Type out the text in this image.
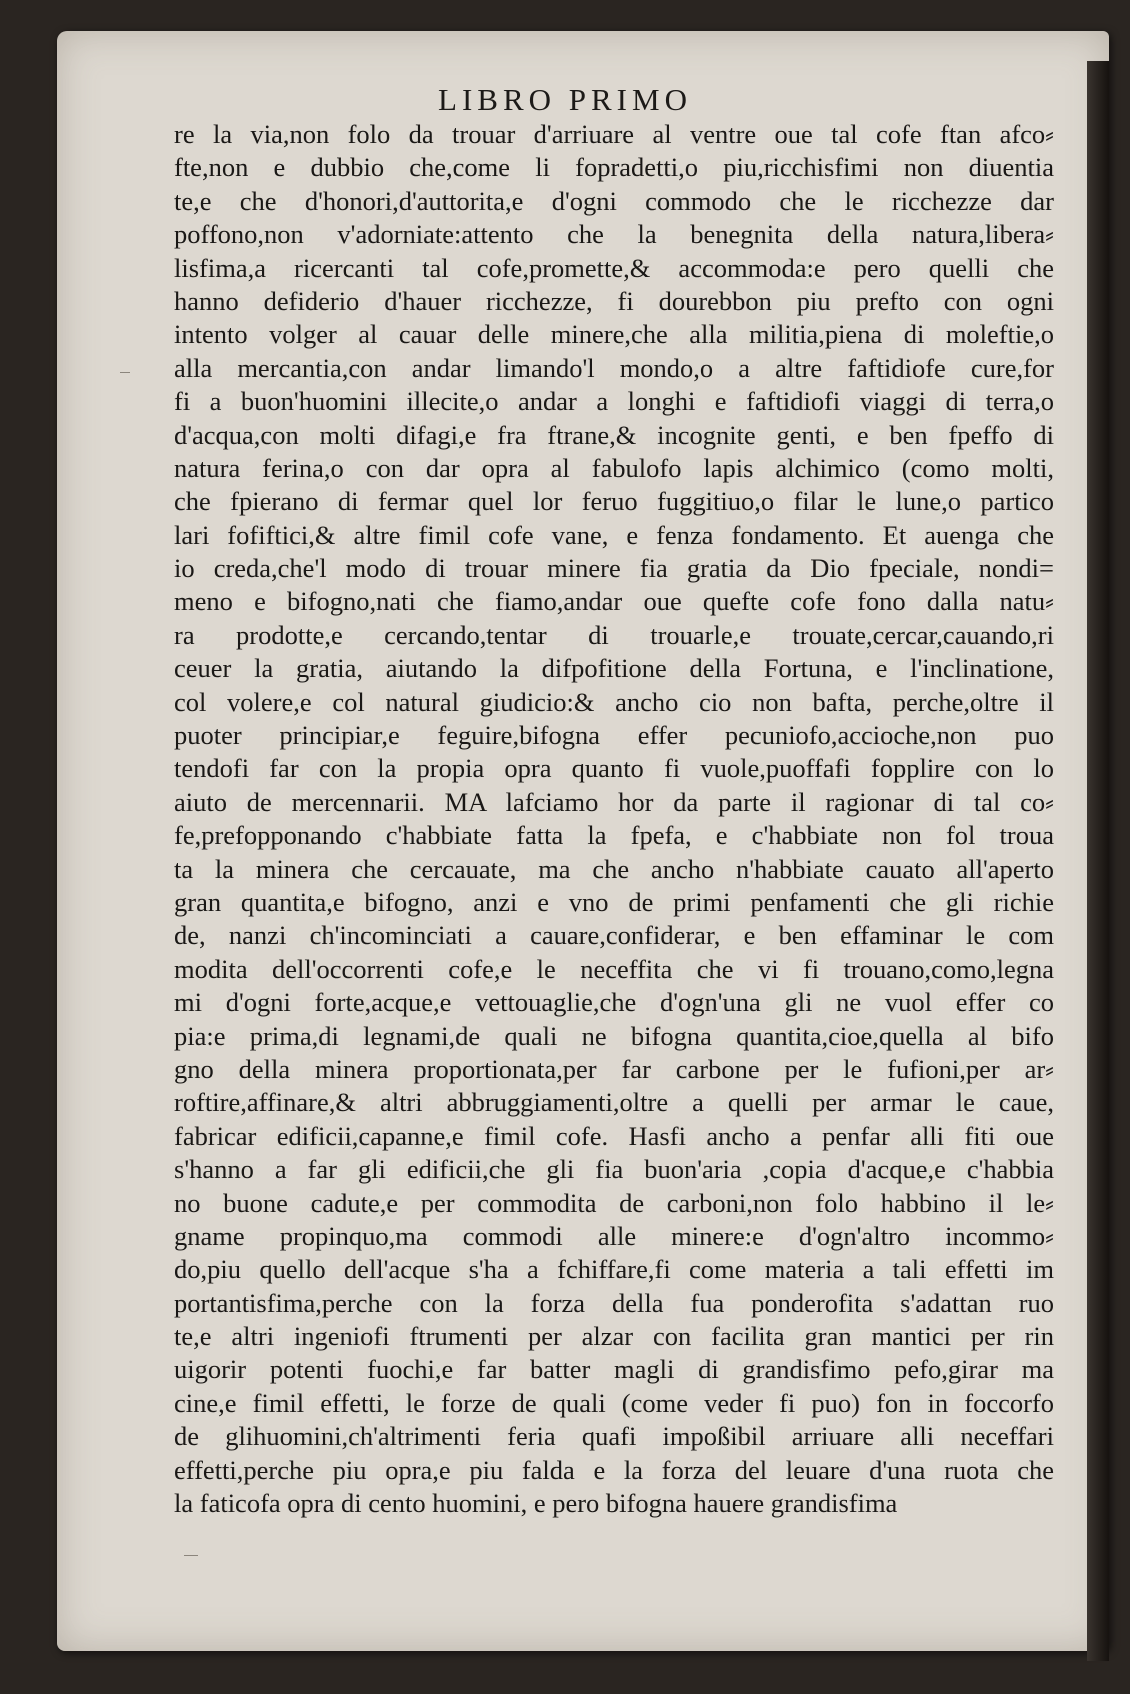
LIBRO PRIMO
re la via,non folo da trouar d'arriuare al ventre oue tal cofe ftan afco⸗
fte,non e dubbio che,come li fopradetti,o piu,ricchisfimi non diuentia
te,e che d'honori,d'auttorita,e d'ogni commodo che le ricchezze dar
poffono,non v'adorniate:attento che la benegnita della natura,libera⸗
lisfima,a ricercanti tal cofe,promette,& accommoda:e pero quelli che
hanno defiderio d'hauer ricchezze, fi dourebbon piu prefto con ogni
intento volger al cauar delle minere,che alla militia,piena di moleftie,o
alla mercantia,con andar limando'l mondo,o a altre faftidiofe cure,for
fi a buon'huomini illecite,o andar a longhi e faftidiofi viaggi di terra,o
d'acqua,con molti difagi,e fra ftrane,& incognite genti, e ben fpeffo di
natura ferina,o con dar opra al fabulofo lapis alchimico (como molti,
che fpierano di fermar quel lor feruo fuggitiuo,o filar le lune,o partico
lari fofiftici,& altre fimil cofe vane, e fenza fondamento. Et auenga che
io creda,che'l modo di trouar minere fia gratia da Dio fpeciale, nondi=
meno e bifogno,nati che fiamo,andar oue quefte cofe fono dalla natu⸗
ra prodotte,e cercando,tentar di trouarle,e trouate,cercar,cauando,ri
ceuer la gratia, aiutando la difpofitione della Fortuna, e l'inclinatione,
col volere,e col natural giudicio:& ancho cio non bafta, perche,oltre il
puoter principiar,e feguire,bifogna effer pecuniofo,accioche,non puo
tendofi far con la propia opra quanto fi vuole,puoffafi fopplire con lo
aiuto de mercennarii. MA lafciamo hor da parte il ragionar di tal co⸗
fe,prefopponando c'habbiate fatta la fpefa, e c'habbiate non fol troua
ta la minera che cercauate, ma che ancho n'habbiate cauato all'aperto
gran quantita,e bifogno, anzi e vno de primi penfamenti che gli richie
de, nanzi ch'incominciati a cauare,confiderar, e ben effaminar le com
modita dell'occorrenti cofe,e le neceffita che vi fi trouano,como,legna
mi d'ogni forte,acque,e vettouaglie,che d'ogn'una gli ne vuol effer co
pia:e prima,di legnami,de quali ne bifogna quantita,cioe,quella al bifo
gno della minera proportionata,per far carbone per le fufioni,per ar⸗
roftire,affinare,& altri abbruggiamenti,oltre a quelli per armar le caue,
fabricar edificii,capanne,e fimil cofe. Hasfi ancho a penfar alli fiti oue
s'hanno a far gli edificii,che gli fia buon'aria ,copia d'acque,e c'habbia
no buone cadute,e per commodita de carboni,non folo habbino il le⸗
gname propinquo,ma commodi alle minere:e d'ogn'altro incommo⸗
do,piu quello dell'acque s'ha a fchiffare,fi come materia a tali effetti im
portantisfima,perche con la forza della fua ponderofita s'adattan ruo
te,e altri ingeniofi ftrumenti per alzar con facilita gran mantici per rin
uigorir potenti fuochi,e far batter magli di grandisfimo pefo,girar ma
cine,e fimil effetti, le forze de quali (come veder fi puo) fon in foccorfo
de glihuomini,ch'altrimenti feria quafi impoßibil arriuare alli neceffari
effetti,perche piu opra,e piu falda e la forza del leuare d'una ruota che
la faticofa opra di cento huomini, e pero bifogna hauere grandisfima
